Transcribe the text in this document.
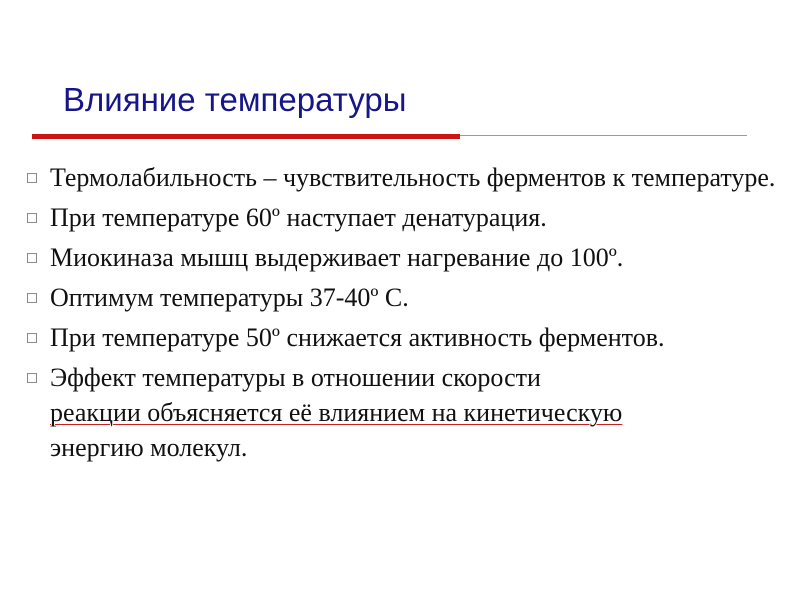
Влияние температуры
Термолабильность – чувствительность ферментов к температуре.
При температуре 60º наступает денатурация.
Миокиназа мышц выдерживает нагревание до 100º.
Оптимум температуры 37-40º С.
При температуре 50º снижается активность ферментов.
Эффект температуры в отношении скорости
реакции объясняется её влиянием на кинетическую
энергию молекул.
